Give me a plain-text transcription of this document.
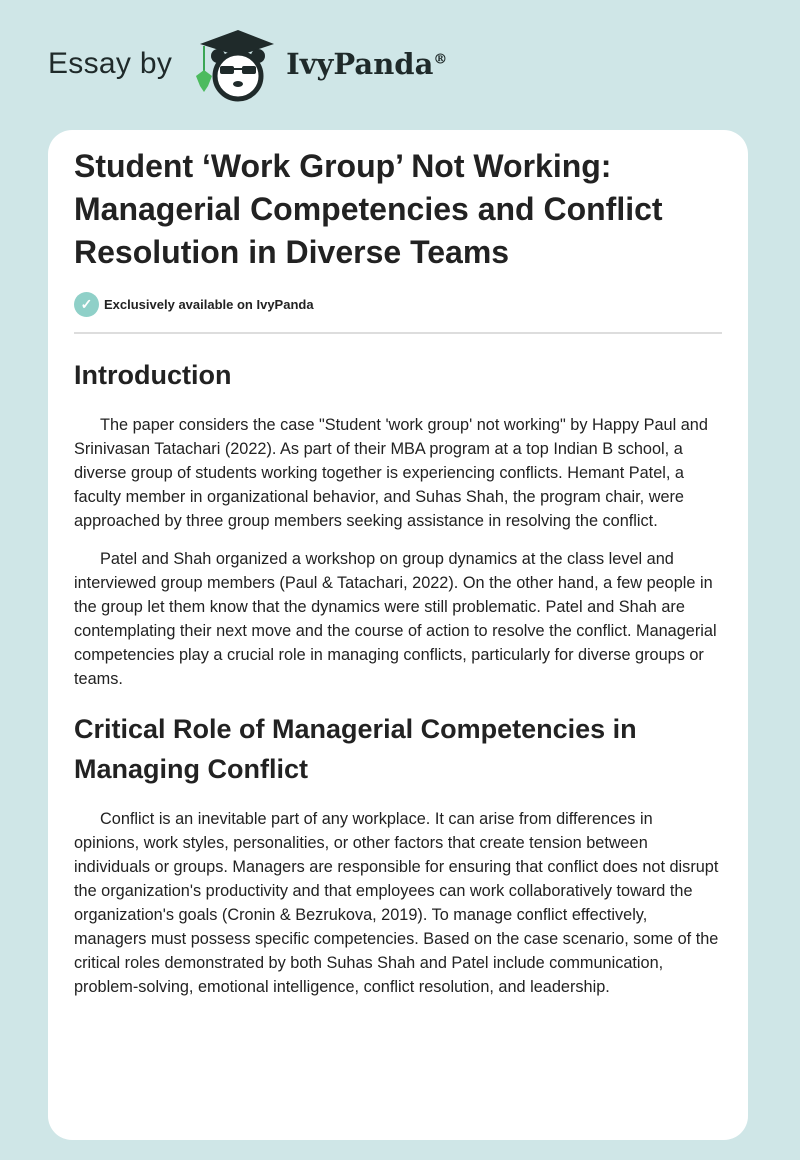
Essay by	IvyPanda®
Student ‘Work Group’ Not Working: Managerial Competencies and Conflict Resolution in Diverse Teams
✓ Exclusively available on IvyPanda
Introduction

The paper considers the case "Student 'work group' not working" by Happy Paul and Srinivasan Tatachari (2022). As part of their MBA program at a top Indian B school, a diverse group of students working together is experiencing conflicts. Hemant Patel, a faculty member in organizational behavior, and Suhas Shah, the program chair, were approached by three group members seeking assistance in resolving the conflict.

Patel and Shah organized a workshop on group dynamics at the class level and interviewed group members (Paul & Tatachari, 2022). On the other hand, a few people in the group let them know that the dynamics were still problematic. Patel and Shah are contemplating their next move and the course of action to resolve the conflict. Managerial competencies play a crucial role in managing conflicts, particularly for diverse groups or teams.

Critical Role of Managerial Competencies in Managing Conflict

Conflict is an inevitable part of any workplace. It can arise from differences in opinions, work styles, personalities, or other factors that create tension between individuals or groups. Managers are responsible for ensuring that conflict does not disrupt the organization's productivity and that employees can work collaboratively toward the organization's goals (Cronin & Bezrukova, 2019). To manage conflict effectively, managers must possess specific competencies. Based on the case scenario, some of the critical roles demonstrated by both Suhas Shah and Patel include communication, problem-solving, emotional intelligence, conflict resolution, and leadership.
